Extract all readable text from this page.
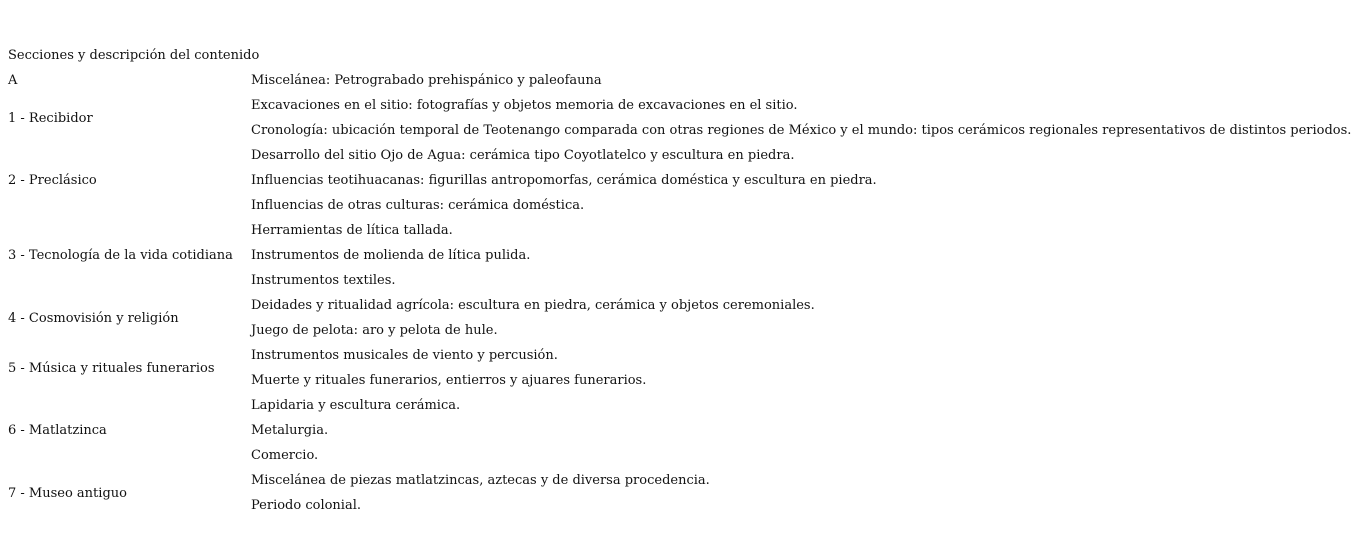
Secciones y descripción del contenido
A	Miscelánea: Petrograbado prehispánico y paleofauna
1 - Recibidor	Excavaciones en el sitio: fotografías y objetos memoria de excavaciones en el sitio.
	Cronología: ubicación temporal de Teotenango comparada con otras regiones de México y el mundo: tipos cerámicos regionales representativos de distintos periodos.
2 - Preclásico	Desarrollo del sitio Ojo de Agua: cerámica tipo Coyotlatelco y escultura en piedra.
	Influencias teotihuacanas: figurillas antropomorfas, cerámica doméstica y escultura en piedra.
	Influencias de otras culturas: cerámica doméstica.
3 - Tecnología de la vida cotidiana	Herramientas de lítica tallada.
	Instrumentos de molienda de lítica pulida.
	Instrumentos textiles.
4 - Cosmovisión y religión	Deidades y ritualidad agrícola: escultura en piedra, cerámica y objetos ceremoniales.
	Juego de pelota: aro y pelota de hule.
5 - Música y rituales funerarios	Instrumentos musicales de viento y percusión.
	Muerte y rituales funerarios, entierros y ajuares funerarios.
6 - Matlatzinca	Lapidaria y escultura cerámica.
	Metalurgia.
	Comercio.
7 - Museo antiguo	Miscelánea de piezas matlatzincas, aztecas y de diversa procedencia.
	Periodo colonial.
